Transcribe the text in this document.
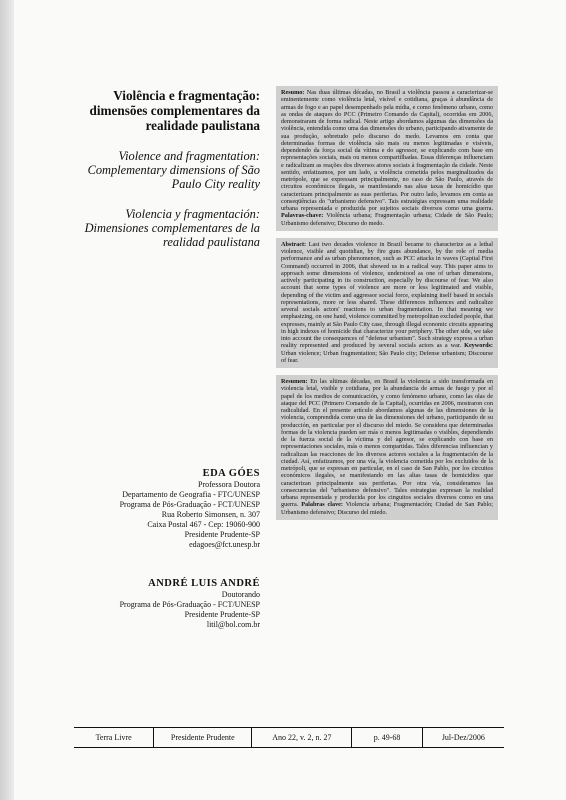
Violência e fragmentação: dimensões complementares da realidade paulistana

Violence and fragmentation: Complementary dimensions of São Paulo City reality

Violencia y fragmentación: Dimensiones complementares de la realidad paulistana

EDA GÓES
Professora Doutora
Departamento de Geografia - FTC/UNESP
Programa de Pós-Graduação - FCT/UNESP
Rua Roberto Simonsen, n. 307
Caixa Postal 467 - Cep: 19060-900
Presidente Prudente-SP
edagoes@fct.unesp.br
ANDRÉ LUIS ANDRÉ
Doutorando
Programa de Pós-Graduação - FCT/UNESP
Presidente Prudente-SP
litil@bol.com.br
Resumo: Nas duas últimas décadas, no Brasil a violência passou a caracterizar-se eminentemente como violência letal, visível e cotidiana, graças à abundância de armas de fogo e ao papel desempenhado pela mídia, e como fenômeno urbano, como as ondas de ataques do PCC (Primeiro Comando da Capital), ocorridas em 2006, demonstraram de forma radical. Neste artigo abordamos algumas das dimensões da violência, entendida como uma das dimensões do urbano, participando ativamente de sua produção, sobretudo pelo discurso do medo. Levamos em conta que determinadas formas de violência são mais ou menos legitimadas e visíveis, dependendo da força social da vítima e do agressor, se explicando com base em representações sociais, mais ou menos compartilhadas. Essas diferenças influenciam e radicalizam as reações dos diversos atores sociais à fragmentação da cidade. Neste sentido, enfatizamos, por um lado, a violência cometida pelos marginalizados da metrópole, que se expressam principalmente, no caso de São Paulo, através de circuitos econômicos ilegais, se manifestando nas altas taxas de homicídio que caracterizam principalmente as suas periferias. Por outro lado, levamos em conta as conseqüências do "urbanismo defensivo". Tais estratégias expressam uma realidade urbana representada e produzida por sujeitos sociais diversos como uma guerra. Palavras-chave: Violência urbana; Fragmentação urbana; Cidade de São Paulo; Urbanismo defensivo; Discurso do medo.
Abstract: Last two decades violence in Brazil became to characterize as a lethal violence, visible and quotidian, by fire guns abundance, by the role of media performance and as urban phenomenon, such as PCC attacks in waves (Capital First Command) occurred in 2006, that showed us in a radical way. This paper aims to approach some dimensions of violence, understood as one of urban dimensions, actively participating in its construction, especially by discourse of fear. We also account that some types of violence are more or less legitimated and visible, depending of the victim and aggressor social force, explaining itself based in socials representations, more or less shared. These differences influences and radicalize several socials actors' reactions to urban fragmentation. In that meaning we emphasizing, on one hand, violence committed by metropolitan excluded people, that expresses, mainly at São Paulo City case, through illegal economic circuits appearing in high indexes of homicide that characterize your periphery. The other side, we take into account the consequences of "defense urbanism". Such strategy express a urban reality represented and produced by several socials actors as a war. Keywords: Urban violence; Urban fragmentation; São Paulo city; Defense urbanism; Discourse of fear.
Resumen: En las ultimas décadas, en Brasil la violencia a sido transformada en violencia letal, visible y cotidiana, por la abundancia de armas de fuego y por el papel de los medios de comunicación, y como fenómeno urbano, como las olas de ataque del PCC (Primero Comando de la Capital), ocurridas en 2006, mostraron con radicalidad. En el presente artículo abordamos algunas de las dimensiones de la violencia, comprendida como una de las dimensiones del urbano, participando de su producción, en particular por el discurso del miedo. Se considera que determinadas formas de la violencia pueden ser más o menos legitimadas o visibles, dependiendo de la fuerza social de la víctima y del agresor, se explicando con base en representaciones sociales, más o menos compartidas. Tales diferencias influencian y radicalizan las reacciones de los diversos actores sociales a la fragmentación de la ciudad. Así, enfatizamos, por una vía, la violencia cometida por los excluidos de la metrópoli, que se expresan en particular, en el caso de San Pablo, por los circuitos económicos ilegales, se manifestando en las altas tasas de homicidios que caracterizan principalmente sus periferias. Por otra vía, consideramos las consecuencias del "urbanismo defensivo". Tales estrategias expresan la realidad urbana representada y producida por los cinguitos sociales diversos como en una guerra. Palabras clave: Violencia urbana; Fragmentación; Ciudad de San Pablo; Urbanismo defensivo; Discurso del miedo.
Terra Livre	Presidente Prudente	Ano 22, v. 2, n. 27	p. 49-68	Jul-Dez/2006
